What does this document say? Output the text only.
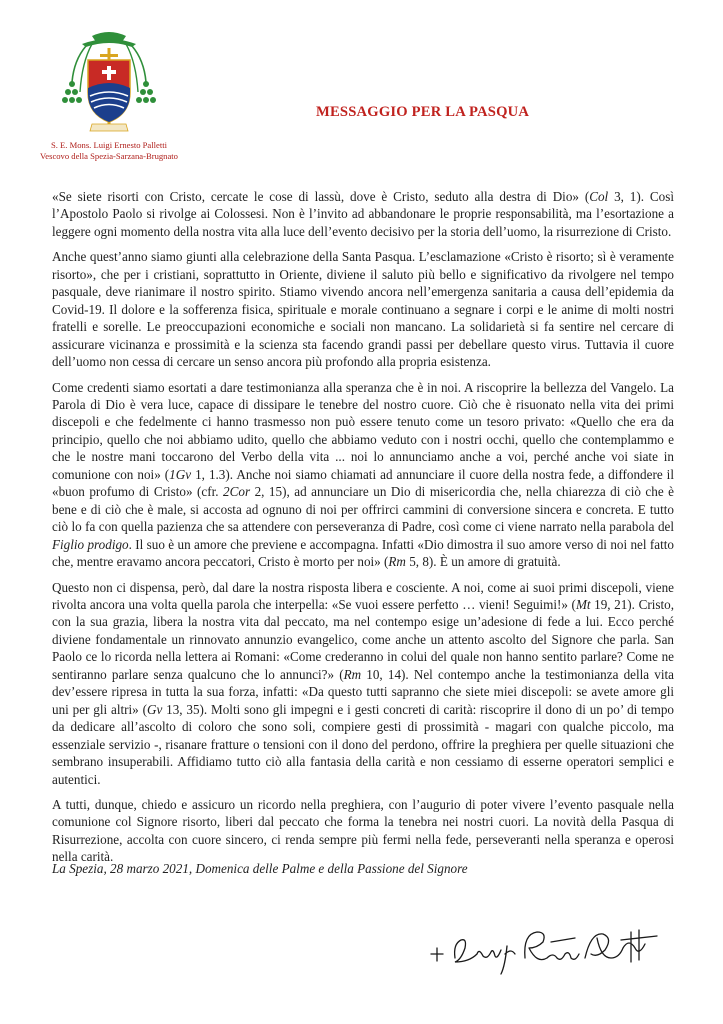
S. E. Mons. Luigi Ernesto Palletti
Vescovo della Spezia-Sarzana-Brugnato
MESSAGGIO PER LA PASQUA

«Se siete risorti con Cristo, cercate le cose di lassù, dove è Cristo, seduto alla destra di Dio» (Col 3, 1). Così l’Apostolo Paolo si rivolge ai Colossesi. Non è l’invito ad abbandonare le proprie responsabilità, ma l’esortazione a leggere ogni momento della nostra vita alla luce dell’evento decisivo per la storia dell’uomo, la risurrezione di Cristo.

Anche quest’anno siamo giunti alla celebrazione della Santa Pasqua. L’esclamazione «Cristo è risorto; sì è veramente risorto», che per i cristiani, soprattutto in Oriente, diviene il saluto più bello e significativo da rivolgere nel tempo pasquale, deve rianimare il nostro spirito. Stiamo vivendo ancora nell’emergenza sanitaria a causa dell’epidemia da Covid-19. Il dolore e la sofferenza fisica, spirituale e morale continuano a segnare i corpi e le anime di molti nostri fratelli e sorelle. Le preoccupazioni economiche e sociali non mancano. La solidarietà si fa sentire nel cercare di assicurare vicinanza e prossimità e la scienza sta facendo grandi passi per debellare questo virus. Tuttavia il cuore dell’uomo non cessa di cercare un senso ancora più profondo alla propria esistenza.

Come credenti siamo esortati a dare testimonianza alla speranza che è in noi. A riscoprire la bellezza del Vangelo. La Parola di Dio è vera luce, capace di dissipare le tenebre del nostro cuore. Ciò che è risuonato nella vita dei primi discepoli e che fedelmente ci hanno trasmesso non può essere tenuto come un tesoro privato: «Quello che era da principio, quello che noi abbiamo udito, quello che abbiamo veduto con i nostri occhi, quello che contemplammo e che le nostre mani toccarono del Verbo della vita ... noi lo annunciamo anche a voi, perché anche voi siate in comunione con noi» (1Gv 1, 1.3). Anche noi siamo chiamati ad annunciare il cuore della nostra fede, a diffondere il «buon profumo di Cristo» (cfr. 2Cor 2, 15), ad annunciare un Dio di misericordia che, nella chiarezza di ciò che è bene e di ciò che è male, si accosta ad ognuno di noi per offrirci cammini di conversione sincera e concreta. E tutto ciò lo fa con quella pazienza che sa attendere con perseveranza di Padre, così come ci viene narrato nella parabola del Figlio prodigo. Il suo è un amore che previene e accompagna. Infatti «Dio dimostra il suo amore verso di noi nel fatto che, mentre eravamo ancora peccatori, Cristo è morto per noi» (Rm 5, 8). È un amore di gratuità.

Questo non ci dispensa, però, dal dare la nostra risposta libera e cosciente. A noi, come ai suoi primi discepoli, viene rivolta ancora una volta quella parola che interpella: «Se vuoi essere perfetto … vieni! Seguimi!» (Mt 19, 21). Cristo, con la sua grazia, libera la nostra vita dal peccato, ma nel contempo esige un’adesione di fede a lui. Ecco perché diviene fondamentale un rinnovato annunzio evangelico, come anche un attento ascolto del Signore che parla. San Paolo ce lo ricorda nella lettera ai Romani: «Come crederanno in colui del quale non hanno sentito parlare? Come ne sentiranno parlare senza qualcuno che lo annunci?» (Rm 10, 14). Nel contempo anche la testimonianza della vita dev’essere ripresa in tutta la sua forza, infatti: «Da questo tutti sapranno che siete miei discepoli: se avete amore gli uni per gli altri» (Gv 13, 35). Molti sono gli impegni e i gesti concreti di carità: riscoprire il dono di un po’ di tempo da dedicare all’ascolto di coloro che sono soli, compiere gesti di prossimità - magari con qualche piccolo, ma essenziale servizio -, risanare fratture o tensioni con il dono del perdono, offrire la preghiera per quelle situazioni che sembrano insuperabili. Affidiamo tutto ciò alla fantasia della carità e non cessiamo di esserne operatori semplici e autentici.

A tutti, dunque, chiedo e assicuro un ricordo nella preghiera, con l’augurio di poter vivere l’evento pasquale nella comunione col Signore risorto, liberi dal peccato che forma la tenebra nei nostri cuori. La novità della Pasqua di Risurrezione, accolta con cuore sincero, ci renda sempre più fermi nella fede, perseveranti nella speranza e operosi nella carità.

La Spezia, 28 marzo 2021, Domenica delle Palme e della Passione del Signore
